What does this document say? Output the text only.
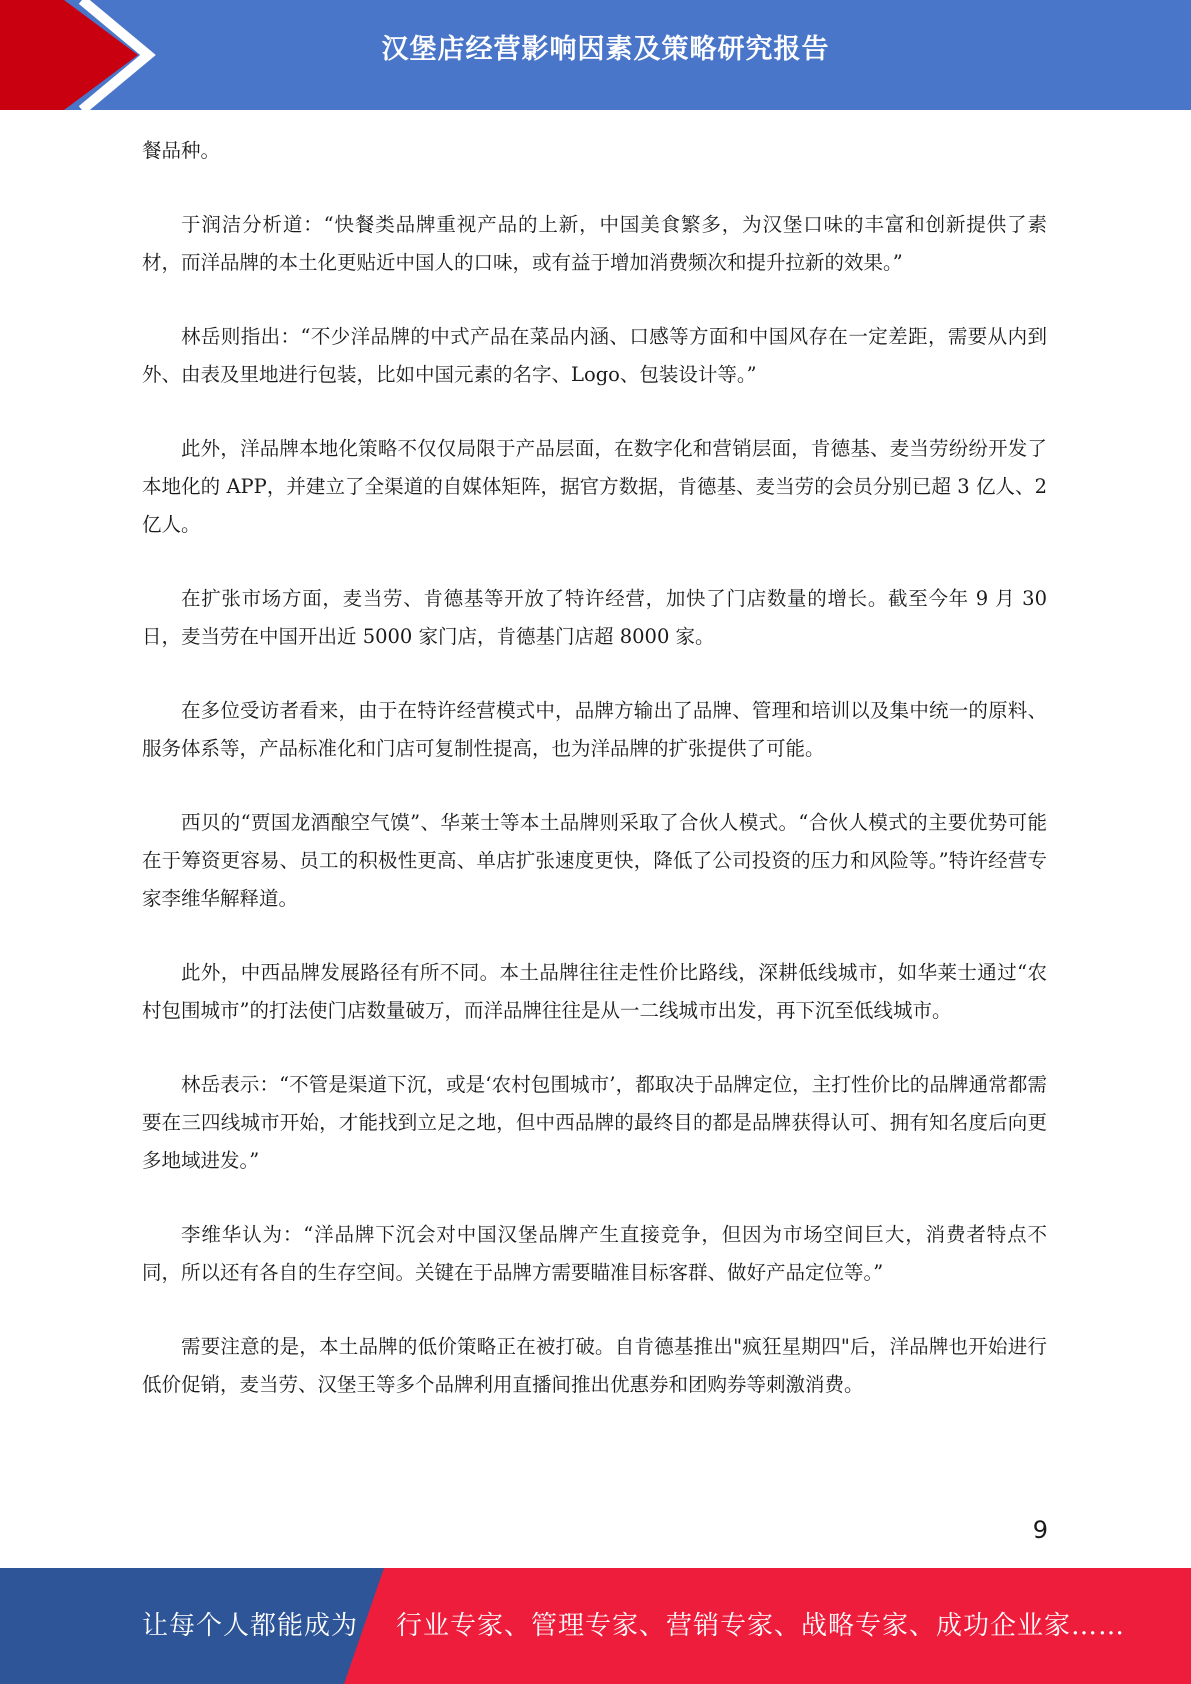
汉堡店经营影响因素及策略研究报告

餐品种。

于润洁分析道：“快餐类品牌重视产品的上新，中国美食繁多，为汉堡口味的丰富和创新提供了素材，而洋品牌的本土化更贴近中国人的口味，或有益于增加消费频次和提升拉新的效果。”

林岳则指出：“不少洋品牌的中式产品在菜品内涵、口感等方面和中国风存在一定差距，需要从内到外、由表及里地进行包装，比如中国元素的名字、Logo、包装设计等。”

此外，洋品牌本地化策略不仅仅局限于产品层面，在数字化和营销层面，肯德基、麦当劳纷纷开发了本地化的 APP，并建立了全渠道的自媒体矩阵，据官方数据，肯德基、麦当劳的会员分别已超 3 亿人、2 亿人。

在扩张市场方面，麦当劳、肯德基等开放了特许经营，加快了门店数量的增长。截至今年 9 月 30 日，麦当劳在中国开出近 5000 家门店，肯德基门店超 8000 家。

在多位受访者看来，由于在特许经营模式中，品牌方输出了品牌、管理和培训以及集中统一的原料、服务体系等，产品标准化和门店可复制性提高，也为洋品牌的扩张提供了可能。

西贝的“贾国龙酒酿空气馍”、华莱士等本土品牌则采取了合伙人模式。“合伙人模式的主要优势可能在于筹资更容易、员工的积极性更高、单店扩张速度更快，降低了公司投资的压力和风险等。”特许经营专家李维华解释道。

此外，中西品牌发展路径有所不同。本土品牌往往走性价比路线，深耕低线城市，如华莱士通过“农村包围城市”的打法使门店数量破万，而洋品牌往往是从一二线城市出发，再下沉至低线城市。

林岳表示：“不管是渠道下沉，或是‘农村包围城市’，都取决于品牌定位，主打性价比的品牌通常都需要在三四线城市开始，才能找到立足之地，但中西品牌的最终目的都是品牌获得认可、拥有知名度后向更多地域进发。”

李维华认为：“洋品牌下沉会对中国汉堡品牌产生直接竞争，但因为市场空间巨大，消费者特点不同，所以还有各自的生存空间。关键在于品牌方需要瞄准目标客群、做好产品定位等。”

需要注意的是，本土品牌的低价策略正在被打破。自肯德基推出"疯狂星期四"后，洋品牌也开始进行低价促销，麦当劳、汉堡王等多个品牌利用直播间推出优惠券和团购券等刺激消费。

9
让每个人都能成为 行业专家、管理专家、营销专家、战略专家、成功企业家……
